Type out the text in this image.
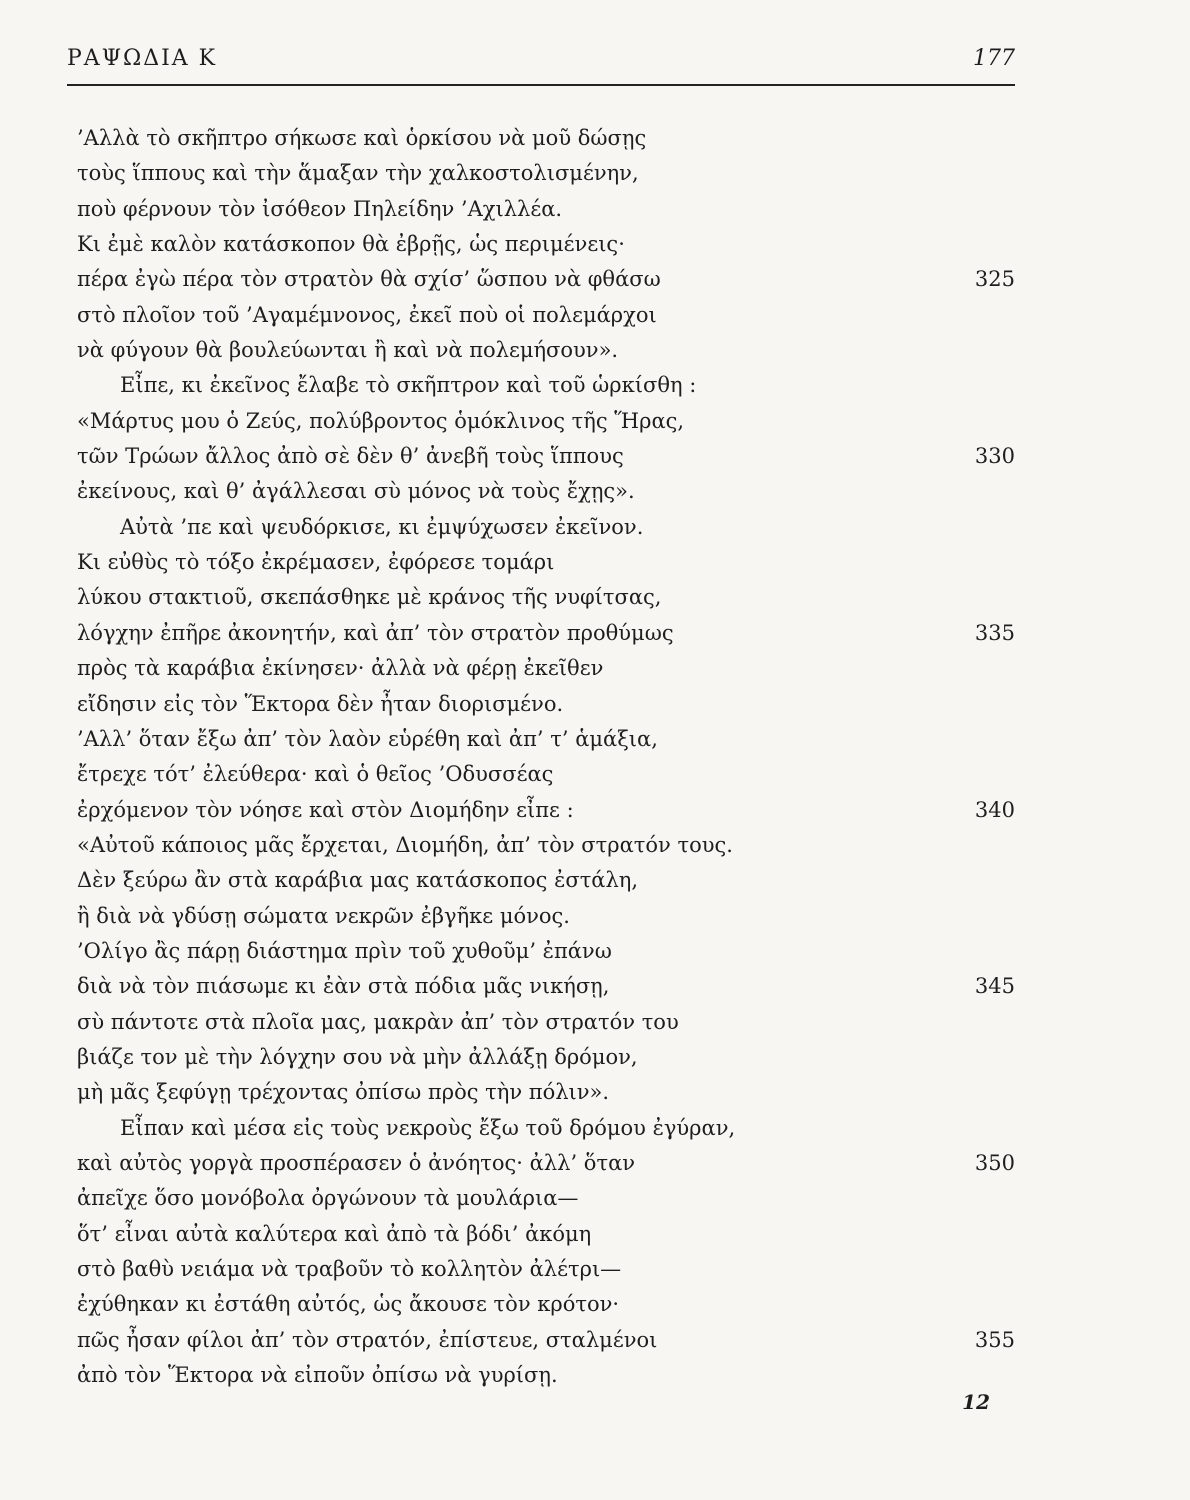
ΡΑΨΩΔΙΑ Κ	177
’Αλλὰ τὸ σκῆπτρο σήκωσε καὶ ὁρκίσου νὰ μοῦ δώσῃς
τοὺς ἵππους καὶ τὴν ἅμαξαν τὴν χαλκοστολισμένην,
ποὺ φέρνουν τὸν ἰσόθεον Πηλείδην ’Αχιλλέα.
Κι ἐμὲ καλὸν κατάσκοπον θὰ ἐβρῇς, ὡς περιμένεις·
πέρα ἐγὼ πέρα τὸν στρατὸν θὰ σχίσ’ ὥσπου νὰ φθάσω	325
στὸ πλοῖον τοῦ ’Αγαμέμνονος, ἐκεῖ ποὺ οἱ πολεμάρχοι
νὰ φύγουν θὰ βουλεύωνται ἢ καὶ νὰ πολεμήσουν».
Εἶπε, κι ἐκεῖνος ἔλαβε τὸ σκῆπτρον καὶ τοῦ ὡρκίσθη :
«Μάρτυς μου ὁ Ζεύς, πολύβροντος ὁμόκλινος τῆς Ἥρας,
τῶν Τρώων ἄλλος ἀπὸ σὲ δὲν θ’ ἀνεβῆ τοὺς ἵππους	330
ἐκείνους, καὶ θ’ ἀγάλλεσαι σὺ μόνος νὰ τοὺς ἔχῃς».
Αὐτὰ ’πε καὶ ψευδόρκισε, κι ἐμψύχωσεν ἐκεῖνον.
Κι εὐθὺς τὸ τόξο ἐκρέμασεν, ἐφόρεσε τομάρι
λύκου στακτιοῦ, σκεπάσθηκε μὲ κράνος τῆς νυφίτσας,
λόγχην ἐπῆρε ἀκονητήν, καὶ ἀπ’ τὸν στρατὸν προθύμως	335
πρὸς τὰ καράβια ἐκίνησεν· ἀλλὰ νὰ φέρῃ ἐκεῖθεν
εἴδησιν εἰς τὸν Ἕκτορα δὲν ἦταν διορισμένο.
’Αλλ’ ὅταν ἔξω ἀπ’ τὸν λαὸν εὑρέθη καὶ ἀπ’ τ’ ἁμάξια,
ἔτρεχε τότ’ ἐλεύθερα· καὶ ὁ θεῖος ’Οδυσσέας
ἐρχόμενον τὸν νόησε καὶ στὸν Διομήδην εἶπε :	340
«Αὐτοῦ κάποιος μᾶς ἔρχεται, Διομήδη, ἀπ’ τὸν στρατόν τους.
Δὲν ξεύρω ἂν στὰ καράβια μας κατάσκοπος ἐστάλη,
ἢ διὰ νὰ γδύσῃ σώματα νεκρῶν ἐβγῆκε μόνος.
’Ολίγο ἂς πάρῃ διάστημα πρὶν τοῦ χυθοῦμ’ ἐπάνω
διὰ νὰ τὸν πιάσωμε κι ἐὰν στὰ πόδια μᾶς νικήσῃ,	345
σὺ πάντοτε στὰ πλοῖα μας, μακρὰν ἀπ’ τὸν στρατόν του
βιάζε τον μὲ τὴν λόγχην σου νὰ μὴν ἀλλάξῃ δρόμον,
μὴ μᾶς ξεφύγῃ τρέχοντας ὀπίσω πρὸς τὴν πόλιν».
Εἶπαν καὶ μέσα εἰς τοὺς νεκροὺς ἔξω τοῦ δρόμου ἐγύραν,
καὶ αὐτὸς γοργὰ προσπέρασεν ὁ ἀνόητος· ἀλλ’ ὅταν	350
ἀπεῖχε ὅσο μονόβολα ὀργώνουν τὰ μουλάρια—
ὅτ’ εἶναι αὐτὰ καλύτερα καὶ ἀπὸ τὰ βόδι’ ἀκόμη
στὸ βαθὺ νειάμα νὰ τραβοῦν τὸ κολλητὸν ἀλέτρι—
ἐχύθηκαν κι ἐστάθη αὐτός, ὡς ἄκουσε τὸν κρότον·
πῶς ἦσαν φίλοι ἀπ’ τὸν στρατόν, ἐπίστευε, σταλμένοι	355
ἀπὸ τὸν Ἕκτορα νὰ εἰποῦν ὀπίσω νὰ γυρίσῃ.
12
